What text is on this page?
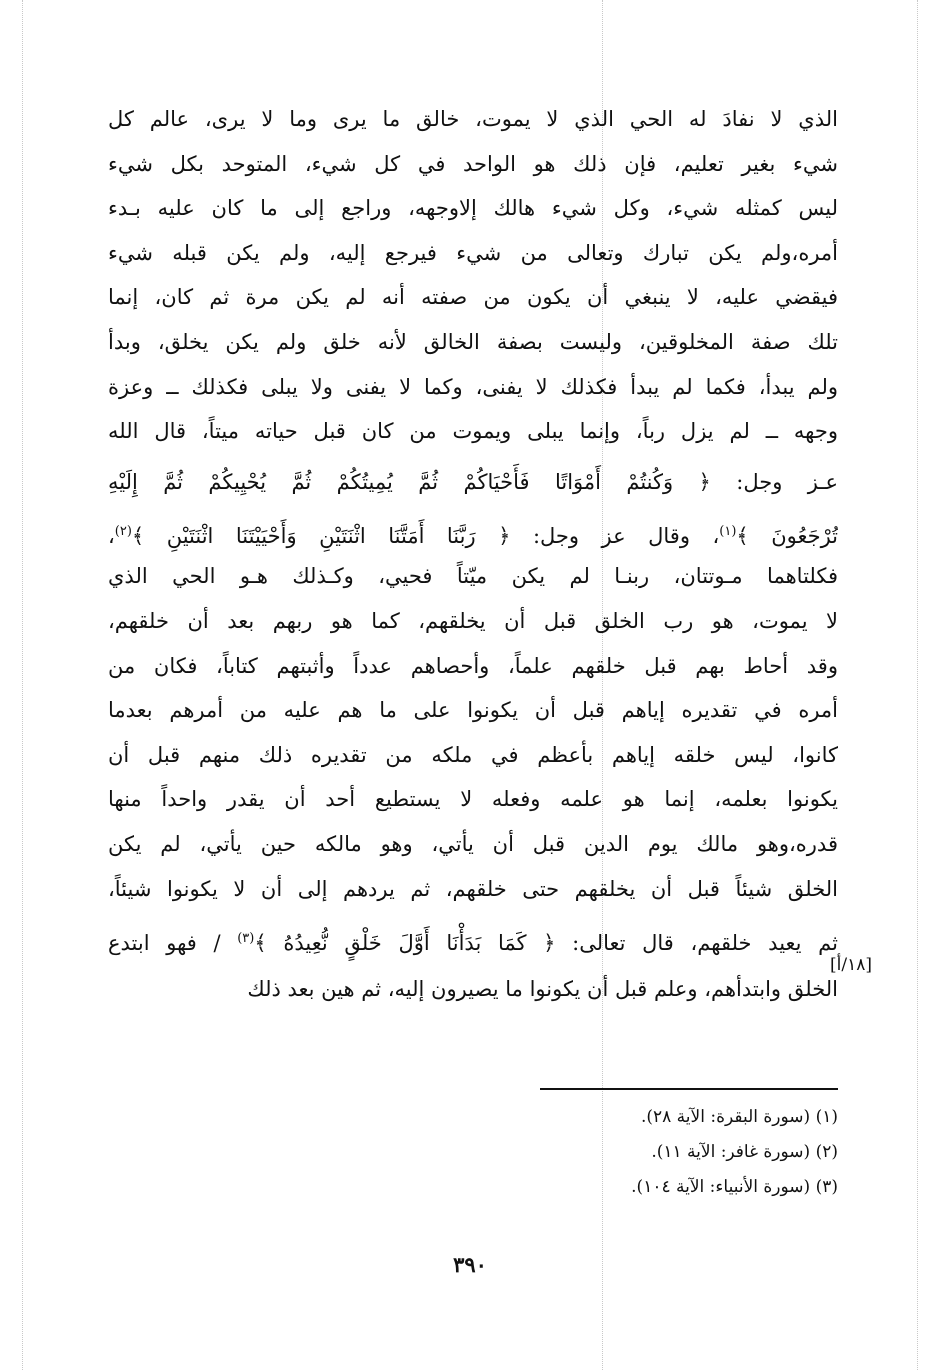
الذي لا نفادَ له الحي الذي لا يموت، خالق ما يرى وما لا يرى، عالم كل
شيء بغير تعليم، فإن ذلك هو الواحد في كل شيء، المتوحد بكل شيء
ليس كمثله شيء، وكل شيء هالك إلاوجهه، وراجع إلى ما كان عليه بـدء
أمره،ولم يكن تبارك وتعالى من شيء فيرجع إليه، ولم يكن قبله شيء
فيقضي عليه، لا ينبغي أن يكون من صفته أنه لم يكن مرة ثم كان، إنما
تلك صفة المخلوقين، وليست بصفة الخالق لأنه خلق ولم يكن يخلق، وبدأ
ولم يبدأ، فكما لم يبدأ فكذلك لا يفنى، وكما لا يفنى ولا يبلى فكذلك ــ وعزة
وجهه ــ لم يزل رباً، وإنما يبلى ويموت من كان قبل حياته ميتاً، قال الله
عـز وجل: ﴿ وَكُنتُمْ أَمْوَاتًا فَأَحْيَاكُمْ ثُمَّ يُمِيتُكُمْ ثُمَّ يُحْيِيكُمْ ثُمَّ إِلَيْهِ
تُرْجَعُونَ ﴾$^{(١)}$، وقال عز وجل: ﴿ رَبَّنَا أَمَتَّنَا اثْنَتَيْنِ وَأَحْيَيْتَنَا اثْنَتَيْنِ ﴾$^{(٢)}$،
فكلتاهما مـوتتان، ربنـا لم يكن ميّتاً فحيي، وكـذلك هـو الحي الذي
لا يموت، هو رب الخلق قبل أن يخلقهم، كما هو ربهم بعد أن خلقهم،
وقد أحاط بهم قبل خلقهم علماً، وأحصاهم عدداً وأثبتهم كتاباً، فكان من
أمره في تقديره إياهم قبل أن يكونوا على ما هم عليه من أمرهم بعدما
كانوا، ليس خلقه إياهم بأعظم في ملكه من تقديره ذلك منهم قبل أن
يكونوا بعلمه، إنما هو علمه وفعله لا يستطيع أحد أن يقدر واحداً منها
قدره،وهو مالك يوم الدين قبل أن يأتي، وهو مالكه حين يأتي، لم يكن
الخلق شيئاً قبل أن يخلقهم حتى خلقهم، ثم يردهم إلى أن لا يكونوا شيئاً،
ثم يعيد خلقهم، قال تعالى: ﴿ كَمَا بَدَأْنَا أَوَّلَ خَلْقٍ نُّعِيدُهُ ﴾$^{(٣)}$ / فهو ابتدع
الخلق وابتدأهم، وعلم قبل أن يكونوا ما يصيرون إليه، ثم هين بعد ذلك
[١٨/أ]
(١) (سورة البقرة: الآية ٢٨).
(٢) (سورة غافر: الآية ١١).
(٣) (سورة الأنبياء: الآية ١٠٤).
٣٩٠
